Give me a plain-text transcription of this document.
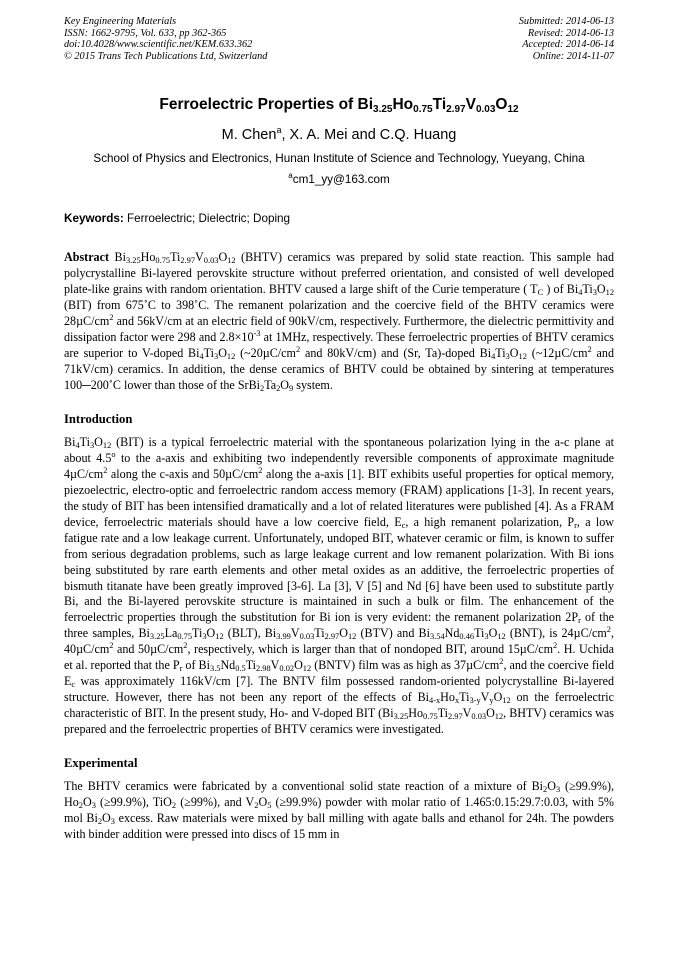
Key Engineering Materials
ISSN: 1662-9795, Vol. 633, pp 362-365
doi:10.4028/www.scientific.net/KEM.633.362
© 2015 Trans Tech Publications Ltd, Switzerland
Submitted: 2014-06-13
Revised: 2014-06-13
Accepted: 2014-06-14
Online: 2014-11-07
Ferroelectric Properties of $Bi_{3.25}Ho_{0.75}Ti_{2.97}V_{0.03}O_{12}$
M. Chen$^a$, X. A. Mei and C.Q. Huang
School of Physics and Electronics, Hunan Institute of Science and Technology, Yueyang, China
$^a$cm1_yy@163.com
Keywords: Ferroelectric; Dielectric; Doping
Abstract $Bi_{3.25}Ho_{0.75}Ti_{2.97}V_{0.03}O_{12}$ (BHTV) ceramics was prepared by solid state reaction. This sample had polycrystalline Bi-layered perovskite structure without preferred orientation, and consisted of well developed plate-like grains with random orientation. BHTV caused a large shift of the Curie temperature ( $T_C$ ) of $Bi_4Ti_3O_{12}$ (BIT) from 675˚C to 398˚C. The remanent polarization and the coercive field of the BHTV ceramics were $28\mu C/cm^2$ and 56kV/cm at an electric field of 90kV/cm, respectively. Furthermore, the dielectric permittivity and dissipation factor were 298 and $2.8\times 10^{-3}$ at 1MHz, respectively. These ferroelectric properties of BHTV ceramics are superior to V-doped $Bi_4Ti_3O_{12}$ ($\sim 20\mu C/cm^2$ and 80kV/cm) and (Sr, Ta)-doped $Bi_4Ti_3O_{12}$ ($\sim 12\mu C/cm^2$ and 71kV/cm) ceramics. In addition, the dense ceramics of BHTV could be obtained by sintering at temperatures 100─200˚C lower than those of the $SrBi_2Ta_2O_9$ system.
Introduction
$Bi_4Ti_3O_{12}$ (BIT) is a typical ferroelectric material with the spontaneous polarization lying in the a-c plane at about 4.5$^o$ to the a-axis and exhibiting two independently reversible components of approximate magnitude $4\mu C/cm^2$ along the c-axis and $50\mu C/cm^2$ along the a-axis [1]. BIT exhibits useful properties for optical memory, piezoelectric, electro-optic and ferroelectric random access memory (FRAM) applications [1-3]. In recent years, the study of BIT has been intensified dramatically and a lot of related literatures were published [4]. As a FRAM device, ferroelectric materials should have a low coercive field, $E_c$, a high remanent polarization, $P_r$, a low fatigue rate and a low leakage current. Unfortunately, undoped BIT, whatever ceramic or film, is known to suffer from serious degradation problems, such as large leakage current and low remanent polarization. With Bi ions being substituted by rare earth elements and other metal oxides as an additive, the ferroelectric properties of bismuth titanate have been greatly improved [3-6]. La [3], V [5] and Nd [6] have been used to substitute partly Bi, and the Bi-layered perovskite structure is maintained in such a bulk or film. The enhancement of the ferroelectric properties through the substitution for Bi ion is very evident: the remanent polarization $2P_r$ of the three samples, $Bi_{3.25}La_{0.75}Ti_3O_{12}$ (BLT), $Bi_{3.99}V_{0.03}Ti_{2.97}O_{12}$ (BTV) and $Bi_{3.54}Nd_{0.46}Ti_3O_{12}$ (BNT), is $24\mu C/cm^2$, $40\mu C/cm^2$ and $50\mu C/cm^2$, respectively, which is larger than that of nondoped BIT, around $15\mu C/cm^2$. H. Uchida et al. reported that the $P_r$ of $Bi_{3.5}Nd_{0.5}Ti_{2.98}V_{0.02}O_{12}$ (BNTV) film was as high as $37\mu C/cm^2$, and the coercive field $E_c$ was approximately 116kV/cm [7]. The BNTV film possessed random-oriented polycrystalline Bi-layered structure. However, there has not been any report of the effects of $Bi_{4-x}Ho_xTi_{3-y}V_yO_{12}$ on the ferroelectric characteristic of BIT. In the present study, Ho- and V-doped BIT ($Bi_{3.25}Ho_{0.75}Ti_{2.97}V_{0.03}O_{12}$, BHTV) ceramics was prepared and the ferroelectric properties of BHTV ceramics were investigated.
Experimental
The BHTV ceramics were fabricated by a conventional solid state reaction of a mixture of $Bi_2O_3$ (≥99.9%), $Ho_2O_3$ (≥99.9%), TiO$_2$ (≥99%), and $V_2O_5$ (≥99.9%) powder with molar ratio of 1.465:0.15:29.7:0.03, with 5% mol $Bi_2O_3$ excess. Raw materials were mixed by ball milling with agate balls and ethanol for 24h. The powders with binder addition were pressed into discs of 15 mm in
